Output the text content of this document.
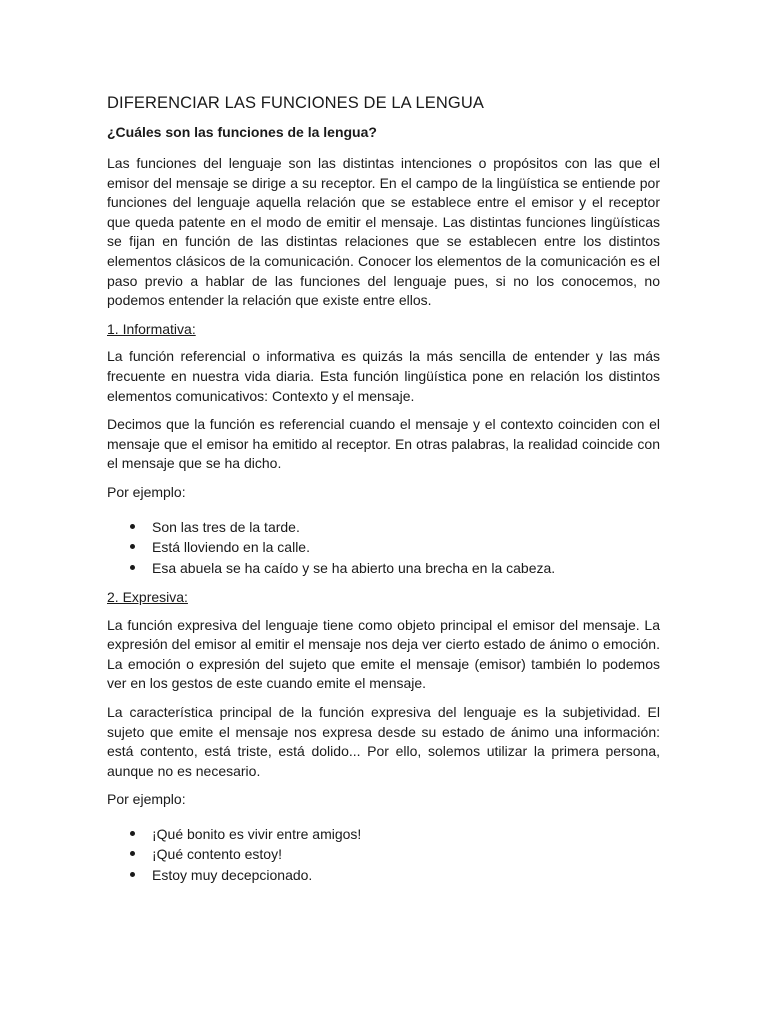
DIFERENCIAR LAS FUNCIONES DE LA LENGUA
¿Cuáles son las funciones de la lengua?

Las funciones del lenguaje son las distintas intenciones o propósitos con las que el emisor del mensaje se dirige a su receptor. En el campo de la lingüística se entiende por funciones del lenguaje aquella relación que se establece entre el emisor y el receptor que queda patente en el modo de emitir el mensaje. Las distintas funciones lingüísticas se fijan en función de las distintas relaciones que se establecen entre los distintos elementos clásicos de la comunicación. Conocer los elementos de la comunicación es el paso previo a hablar de las funciones del lenguaje pues, si no los conocemos, no podemos entender la relación que existe entre ellos.

1. Informativa:

La función referencial o informativa es quizás la más sencilla de entender y las más frecuente en nuestra vida diaria. Esta función lingüística pone en relación los distintos elementos comunicativos: Contexto y el mensaje.

Decimos que la función es referencial cuando el mensaje y el contexto coinciden con el mensaje que el emisor ha emitido al receptor. En otras palabras, la realidad coincide con el mensaje que se ha dicho.

Por ejemplo:
Son las tres de la tarde.
Está lloviendo en la calle.
Esa abuela se ha caído y se ha abierto una brecha en la cabeza.
2. Expresiva:

La función expresiva del lenguaje tiene como objeto principal el emisor del mensaje. La expresión del emisor al emitir el mensaje nos deja ver cierto estado de ánimo o emoción. La emoción o expresión del sujeto que emite el mensaje (emisor) también lo podemos ver en los gestos de este cuando emite el mensaje.

La característica principal de la función expresiva del lenguaje es la subjetividad. El sujeto que emite el mensaje nos expresa desde su estado de ánimo una información: está contento, está triste, está dolido... Por ello, solemos utilizar la primera persona, aunque no es necesario.

Por ejemplo:
¡Qué bonito es vivir entre amigos!
¡Qué contento estoy!
Estoy muy decepcionado.
